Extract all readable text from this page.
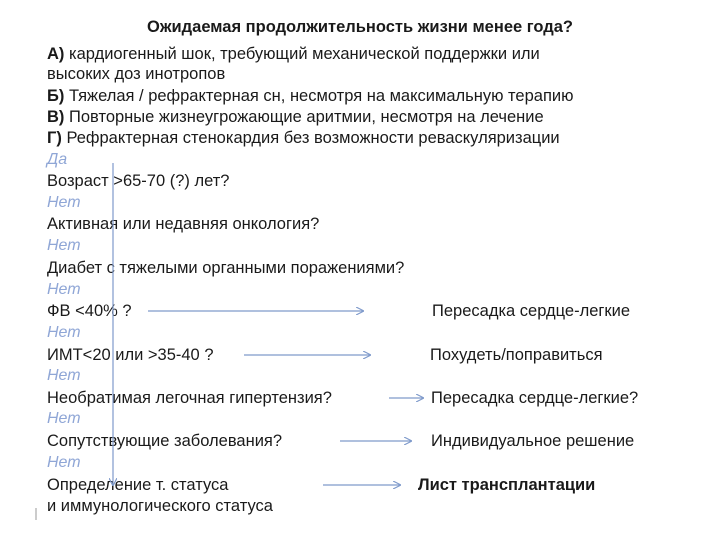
Ожидаемая продолжительность жизни менее года?
А) кардиогенный шок, требующий механической поддержки или
высоких доз инотропов
Б) Тяжелая / рефрактерная сн, несмотря на максимальную терапию
В) Повторные жизнеугрожающие аритмии, несмотря на лечение
Г) Рефрактерная стенокардия без возможности реваскуляризации
Да
Возраст >65-70 (?) лет?
Нет
Активная или недавняя онкология?
Нет
Диабет с тяжелыми органными поражениями?
Нет
ФВ <40% ?	Пересадка сердце-легкие
Нет
ИМТ<20 или >35-40 ?	Похудеть/поправиться
Нет
Необратимая легочная гипертензия?	Пересадка сердце-легкие?
Нет
Сопутствующие заболевания?	Индивидуальное решение
Нет
Определение т. статуса	Лист трансплантации
и иммунологического статуса
